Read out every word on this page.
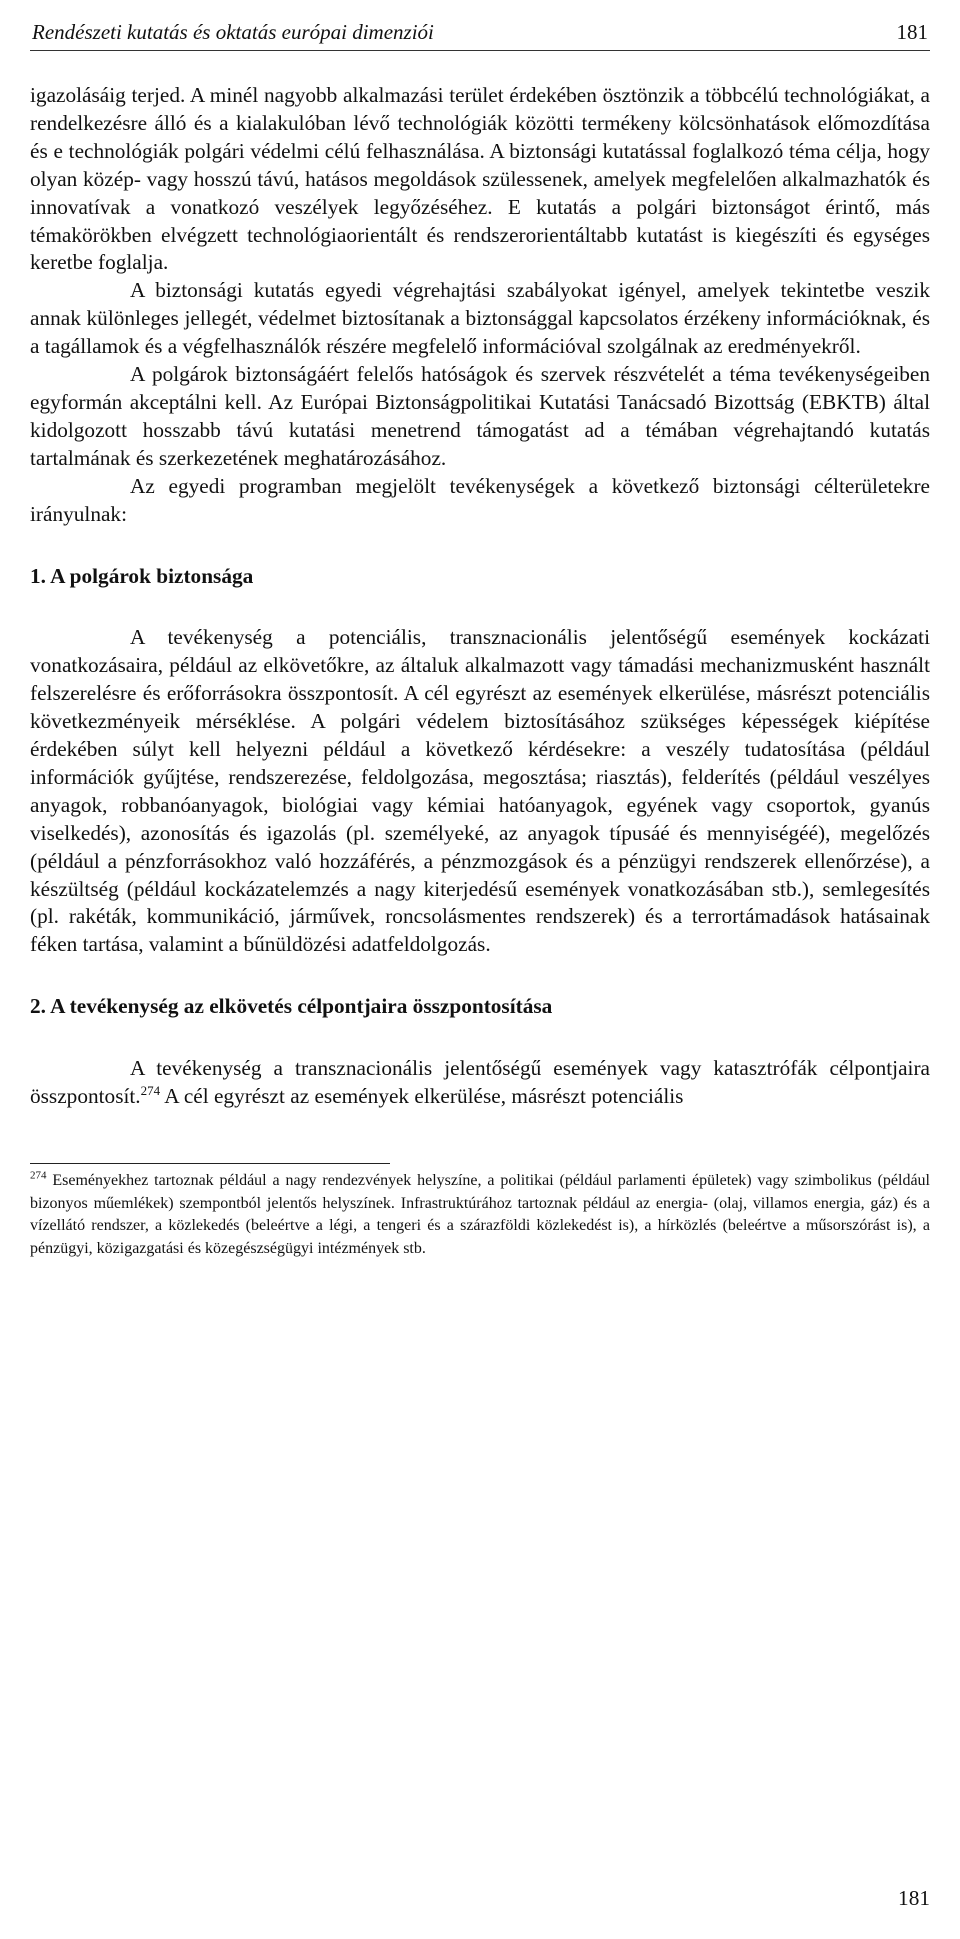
Rendészeti kutatás és oktatás európai dimenziói	181

igazolásáig terjed. A minél nagyobb alkalmazási terület érdekében ösztönzik a többcélú technológiákat, a rendelkezésre álló és a kialakulóban lévő technológiák közötti termékeny kölcsönhatások előmozdítása és e technológiák polgári védelmi célú felhasználása. A biztonsági kutatással foglalkozó téma célja, hogy olyan közép- vagy hosszú távú, hatásos megoldások szülessenek, amelyek megfelelően alkalmazhatók és innovatívak a vonatkozó veszélyek legyőzéséhez. E kutatás a polgári biztonságot érintő, más témakörökben elvégzett technológiaorientált és rendszerorientáltabb kutatást is kiegészíti és egységes keretbe foglalja.

A biztonsági kutatás egyedi végrehajtási szabályokat igényel, amelyek tekintetbe veszik annak különleges jellegét, védelmet biztosítanak a biztonsággal kapcsolatos érzékeny információknak, és a tagállamok és a végfelhasználók részére megfelelő információval szolgálnak az eredményekről.

A polgárok biztonságáért felelős hatóságok és szervek részvételét a téma tevékenységeiben egyformán akceptálni kell. Az Európai Biztonságpolitikai Kutatási Tanácsadó Bizottság (EBKTB) által kidolgozott hosszabb távú kutatási menetrend támogatást ad a témában végrehajtandó kutatás tartalmának és szerkezetének meghatározásához.

Az egyedi programban megjelölt tevékenységek a következő biztonsági célterületekre irányulnak:

1. A polgárok biztonsága

A tevékenység a potenciális, transznacionális jelentőségű események kockázati vonatkozásaira, például az elkövetőkre, az általuk alkalmazott vagy támadási mechanizmusként használt felszerelésre és erőforrásokra összpontosít. A cél egyrészt az események elkerülése, másrészt potenciális következményeik mérséklése. A polgári védelem biztosításához szükséges képességek kiépítése érdekében súlyt kell helyezni például a következő kérdésekre: a veszély tudatosítása (például információk gyűjtése, rendszerezése, feldolgozása, megosztása; riasztás), felderítés (például veszélyes anyagok, robbanóanyagok, biológiai vagy kémiai hatóanyagok, egyének vagy csoportok, gyanús viselkedés), azonosítás és igazolás (pl. személyeké, az anyagok típusáé és mennyiségéé), megelőzés (például a pénzforrásokhoz való hozzáférés, a pénzmozgások és a pénzügyi rendszerek ellenőrzése), a készültség (például kockázatelemzés a nagy kiterjedésű események vonatkozásában stb.), semlegesítés (pl. rakéták, kommunikáció, járművek, roncsolásmentes rendszerek) és a terrortámadások hatásainak féken tartása, valamint a bűnüldözési adatfeldolgozás.

2. A tevékenység az elkövetés célpontjaira összpontosítása

A tevékenység a transznacionális jelentőségű események vagy katasztrófák célpontjaira összpontosít.$^{274}$ A cél egyrészt az események elkerülése, másrészt potenciális

$^{274}$ Eseményekhez tartoznak például a nagy rendezvények helyszíne, a politikai (például parlamenti épületek) vagy szimbolikus (például bizonyos műemlékek) szempontból jelentős helyszínek. Infrastruktúrához tartoznak például az energia- (olaj, villamos energia, gáz) és a vízellátó rendszer, a közlekedés (beleértve a légi, a tengeri és a szárazföldi közlekedést is), a hírközlés (beleértve a műsorszórást is), a pénzügyi, közigazgatási és közegészségügyi intézmények stb.
181
